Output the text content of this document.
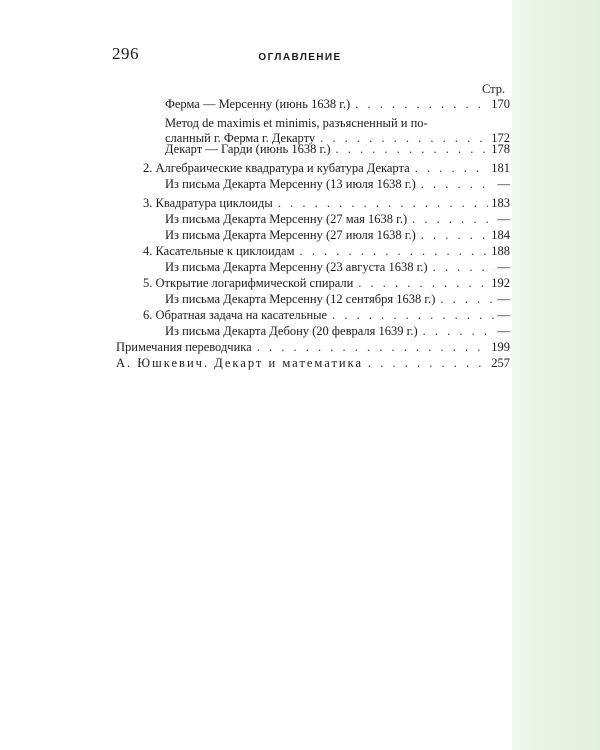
296	ОГЛАВЛЕНИЕ
Стр.
Ферма — Мерсенну (июнь 1638 г.) . . .	170
Метод de maximis et minimis, разъясненный и по-
сланный г. Ферма г. Декарту . . .	172
Декарт — Гарди (июнь 1638 г.) . . .	178
2. Алгебраические квадратура и кубатура Декарта . . .	181
Из письма Декарта Мерсенну (13 июля 1638 г.) . . .	—
3. Квадратура циклоиды . . .	183
Из письма Декарта Мерсенну (27 мая 1638 г.) . . .	—
Из письма Декарта Мерсенну (27 июля 1638 г.) . . .	184
4. Касательные к циклоидам . . .	188
Из письма Декарта Мерсенну (23 августа 1638 г.) . . .	—
5. Открытие логарифмической спирали . . .	192
Из письма Декарта Мерсенну (12 сентября 1638 г.) . . .	—
6. Обратная задача на касательные . . .	—
Из письма Декарта Дебону (20 февраля 1639 г.) . . .	—
Примечания переводчика . . .	199
А. Юшкевич. Декарт и математика . . .	257
